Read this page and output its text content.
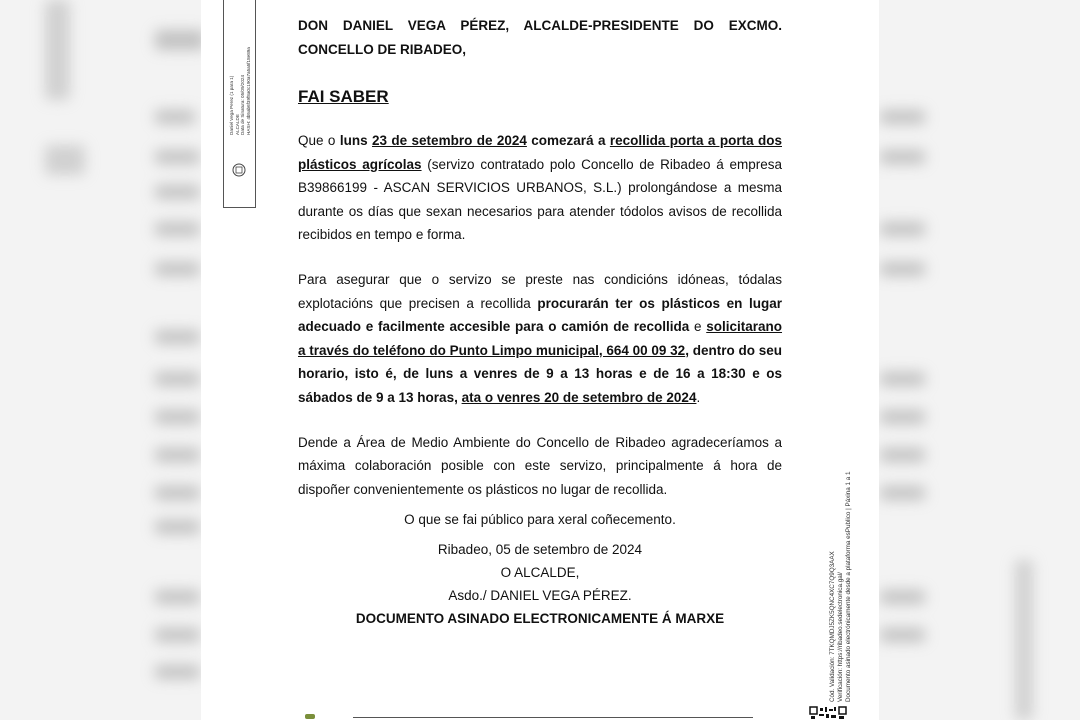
Daniel Vega Perez (1 para 1) ALCALDE Data de Sinatura: 05/09/2024 HASH: 4b5ab6f39f8a0c190a7a5a5f18e89a

DON DANIEL VEGA PÉREZ, ALCALDE-PRESIDENTE DO EXCMO.

CONCELLO DE RIBADEO,

FAI SABER

Que o luns 23 de setembro de 2024 comezará a recollida porta a porta dos plásticos agrícolas (servizo contratado polo Concello de Ribadeo á empresa B39866199 - ASCAN SERVICIOS URBANOS, S.L.) prolongándose a mesma durante os días que sexan necesarios para atender tódolos avisos de recollida recibidos en tempo e forma.

Para asegurar que o servizo se preste nas condicións idóneas, tódalas explotacións que precisen a recollida procurarán ter os plásticos en lugar adecuado e facilmente accesible para o camión de recollida e solicitarano a través do teléfono do Punto Limpo municipal, 664 00 09 32, dentro do seu horario, isto é, de luns a venres de 9 a 13 horas e de 16 a 18:30 e os sábados de 9 a 13 horas, ata o venres 20 de setembro de 2024.

Dende a Área de Medio Ambiente do Concello de Ribadeo agradeceríamos a máxima colaboración posible con este servizo, principalmente á hora de dispoñer convenientemente os plásticos no lugar de recollida.

O que se fai público para xeral coñecemento.

Ribadeo, 05 de setembro de 2024

O ALCALDE,

Asdo./ DANIEL VEGA PÉREZ.

DOCUMENTO ASINADO ELECTRONICAMENTE Á MARXE	Cód. Validación: 7TKQMDJ5ZK5QNC4XC7Q9Q3AAX Verificación: https://ribadeo.sedelectronica.gal/ Documento asinado electrónicamente desde a plataforma esPublico | Páxina 1 a 1
